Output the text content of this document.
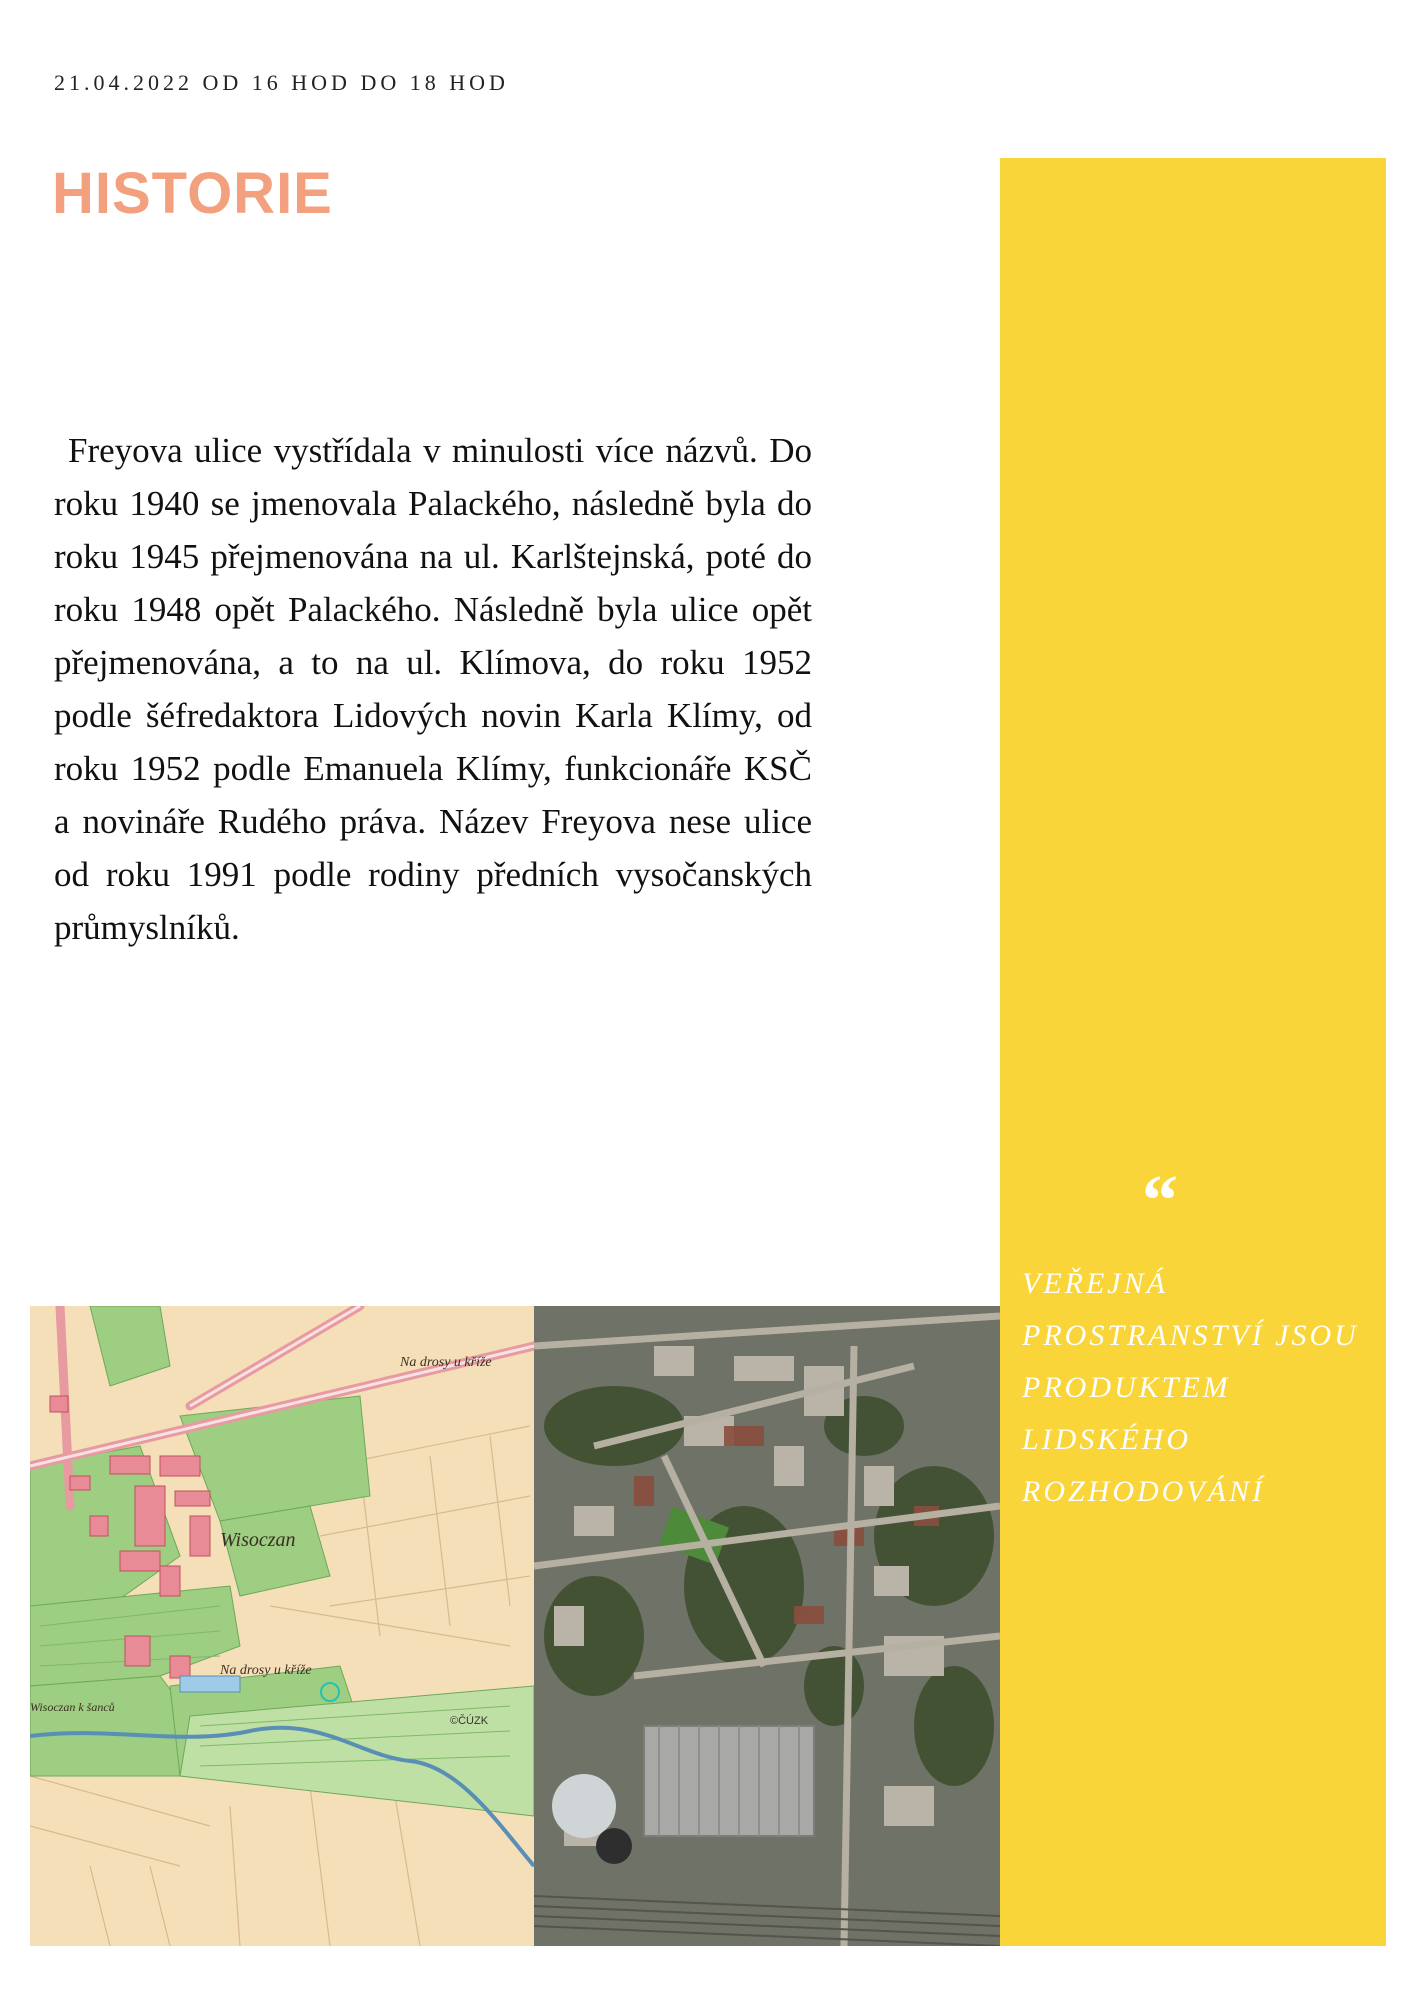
21.04.2022 OD 16 HOD DO 18 HOD
HISTORIE

Freyova ulice vystřídala v minulosti více názvů. Do roku 1940 se jmenovala Palackého, následně byla do roku 1945 přejmenována na ul. Karlštejnská, poté do roku 1948 opět Palackého. Následně byla ulice opět přejmenována, a to na ul. Klímova, do roku 1952 podle šéfredaktora Lidových novin Karla Klímy, od roku 1952 podle Emanuela Klímy, funkcionáře KSČ a novináře Rudého práva. Název Freyova nese ulice od roku 1991 podle rodiny předních vysočanských průmyslníků.

“

VEŘEJNÁ PROSTRANSTVÍ JSOU PRODUKTEM LIDSKÉHO ROZHODOVÁNÍ

Wisoczan
Na drosy u kříže
Na drosy u kříže
Wisoczan k šanců
©ČÚZK
